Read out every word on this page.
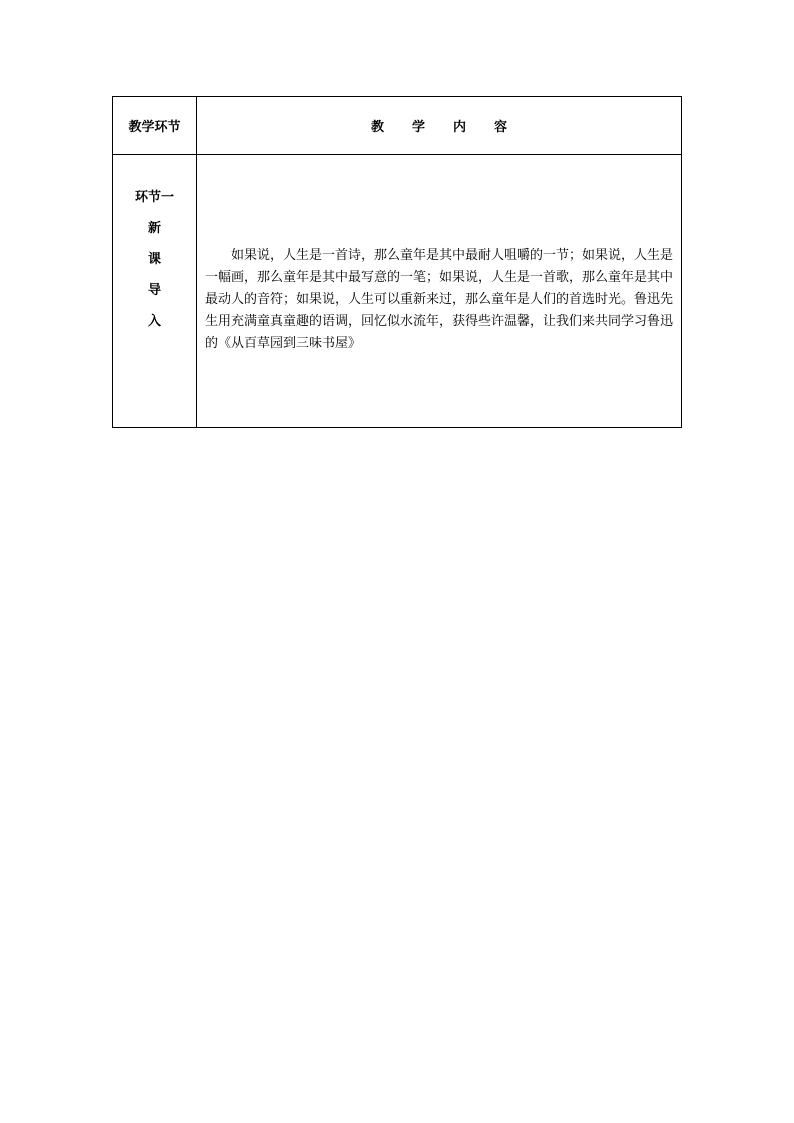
教学环节	教 学 内 容

环节一
新
课
导
入	如果说，人生是一首诗，那么童年是其中最耐人咀嚼的一节；如果说，人生是一幅画，那么童年是其中最写意的一笔；如果说，人生是一首歌，那么童年是其中最动人的音符；如果说，人生可以重新来过，那么童年是人们的首选时光。鲁迅先生用充满童真童趣的语调，回忆似水流年，获得些许温馨，让我们来共同学习鲁迅的《从百草园到三味书屋》
